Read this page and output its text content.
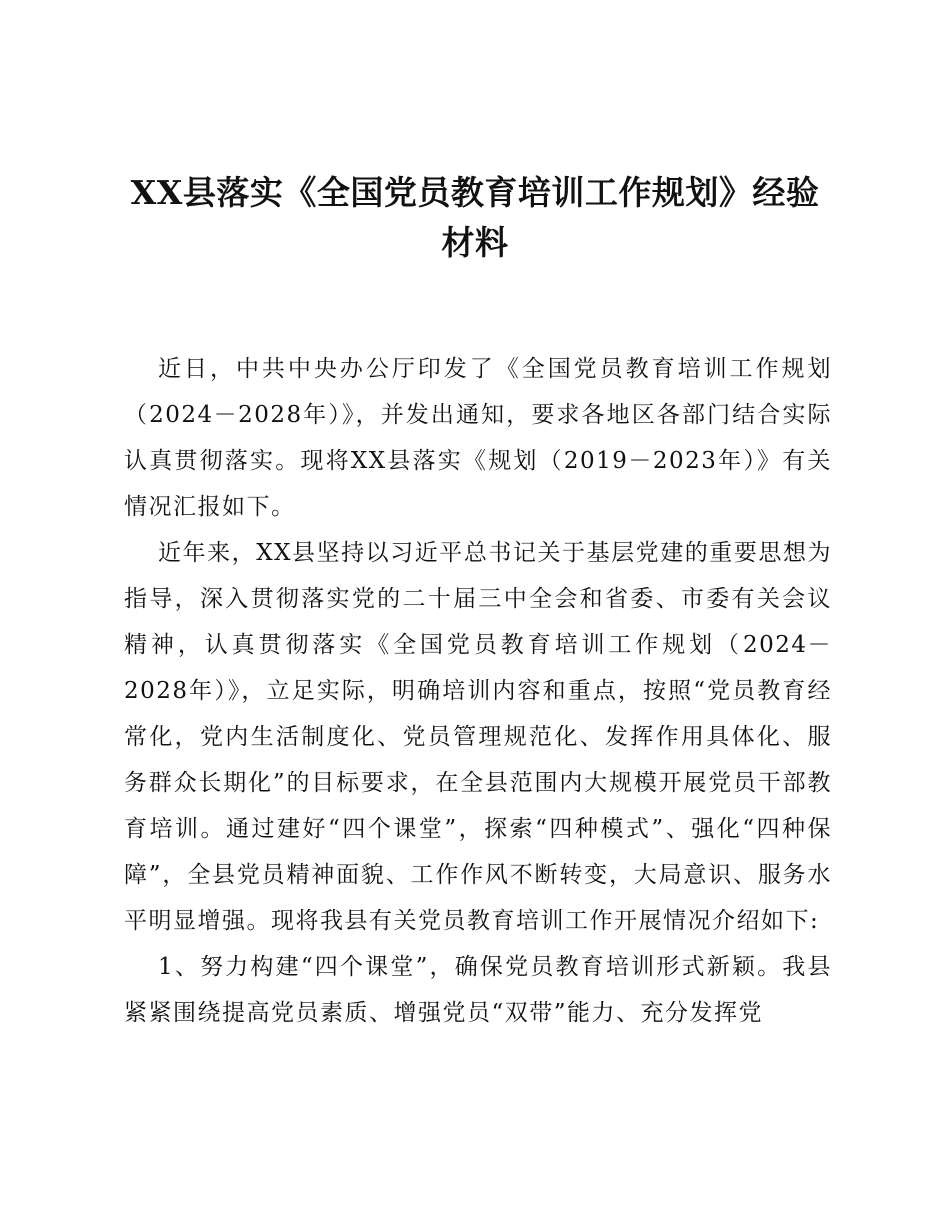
XX县落实《全国党员教育培训工作规划》经验
材料

近日，中共中央办公厅印发了《全国党员教育培训工作规划（2024－2028年）》，并发出通知，要求各地区各部门结合实际认真贯彻落实。现将XX县落实《规划（2019－2023年）》有关情况汇报如下。

近年来，XX县坚持以习近平总书记关于基层党建的重要思想为指导，深入贯彻落实党的二十届三中全会和省委、市委有关会议精神，认真贯彻落实《全国党员教育培训工作规划（2024－2028年）》，立足实际，明确培训内容和重点，按照“党员教育经常化，党内生活制度化、党员管理规范化、发挥作用具体化、服务群众长期化”的目标要求，在全县范围内大规模开展党员干部教育培训。通过建好“四个课堂”，探索“四种模式”、强化“四种保障”，全县党员精神面貌、工作作风不断转变，大局意识、服务水平明显增强。现将我县有关党员教育培训工作开展情况介绍如下:

1、努力构建“四个课堂”，确保党员教育培训形式新颖。我县紧紧围绕提高党员素质、增强党员“双带”能力、充分发挥党
